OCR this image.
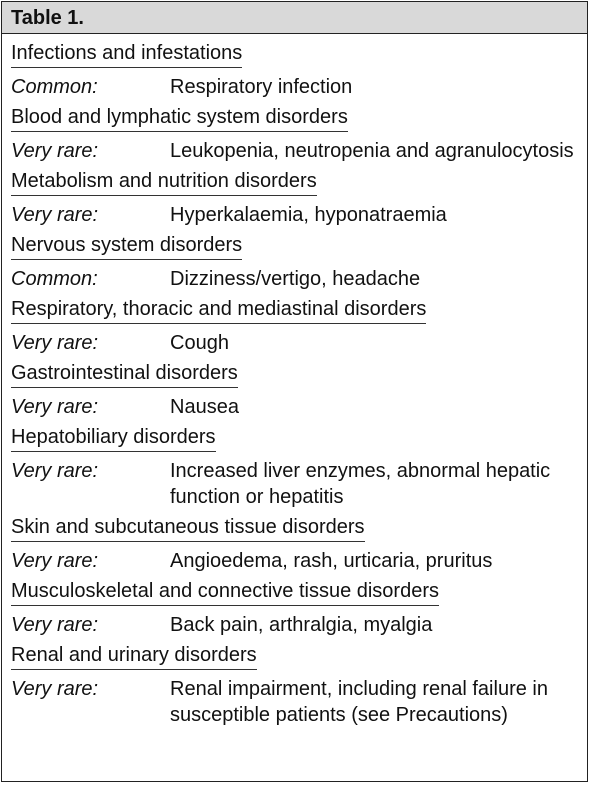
Table 1.
Infections and infestations
Common:	Respiratory infection
Blood and lymphatic system disorders
Very rare:	Leukopenia, neutropenia and agranulocytosis
Metabolism and nutrition disorders
Very rare:	Hyperkalaemia, hyponatraemia
Nervous system disorders
Common:	Dizziness/vertigo, headache
Respiratory, thoracic and mediastinal disorders
Very rare:	Cough
Gastrointestinal disorders
Very rare:	Nausea
Hepatobiliary disorders
Very rare:	Increased liver enzymes, abnormal hepatic function or hepatitis
Skin and subcutaneous tissue disorders
Very rare:	Angioedema, rash, urticaria, pruritus
Musculoskeletal and connective tissue disorders
Very rare:	Back pain, arthralgia, myalgia
Renal and urinary disorders
Very rare:	Renal impairment, including renal failure in susceptible patients (see Precautions)
